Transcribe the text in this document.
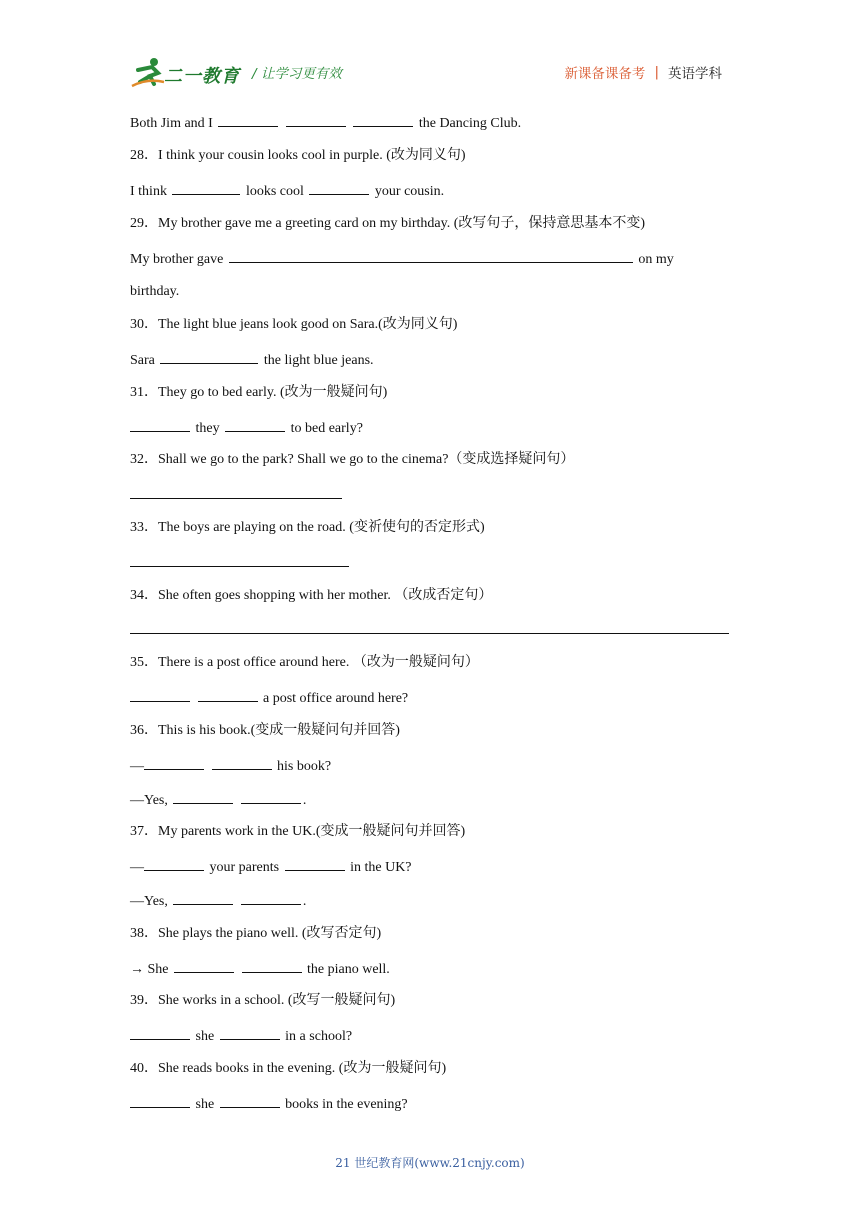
二一教育 / 让学习更有效	新课备课备考 | 英语学科
Both Jim and I	the Dancing Club.
28．I think your cousin looks cool in purple. (改为同义句)
I think	looks cool	your cousin.
29．My brother gave me a greeting card on my birthday. (改写句子，保持意思基本不变)
My brother gave	on my
birthday.
30．The light blue jeans look good on Sara.(改为同义句)
Sara	the light blue jeans.
31．They go to bed early. (改为一般疑问句)
they	to bed early?
32．Shall we go to the park? Shall we go to the cinema?（变成选择疑问句）
33．The boys are playing on the road. (变祈使句的否定形式)
34．She often goes shopping with her mother. （改成否定句）
35．There is a post office around here. （改为一般疑问句）
a post office around here?
36．This is his book.(变成一般疑问句并回答)
—	his book?
—Yes,	.
37．My parents work in the UK.(变成一般疑问句并回答)
—	your parents	in the UK?
—Yes,	.
38．She plays the piano well. (改写否定句)
→ She	the piano well.
39．She works in a school. (改写一般疑问句)
she	in a school?
40．She reads books in the evening. (改为一般疑问句)
she	books in the evening?
21 世纪教育网(www.21cnjy.com)
